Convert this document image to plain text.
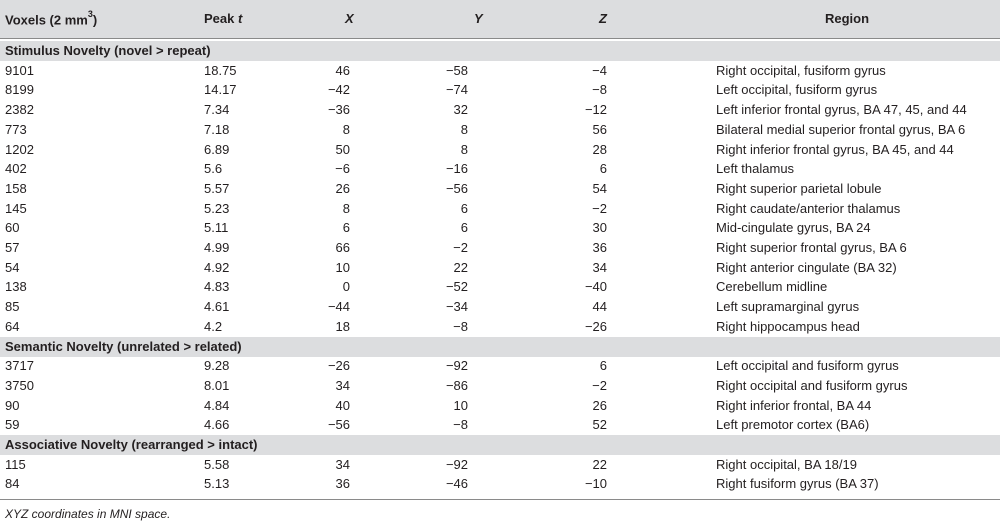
Voxels (2 $mm^3$)	Peak t	X	Y	Z	Region
Stimulus Novelty (novel > repeat)
9101	18.75	46	−58	−4	Right occipital, fusiform gyrus
8199	14.17	−42	−74	−8	Left occipital, fusiform gyrus
2382	7.34	−36	32	−12	Left inferior frontal gyrus, BA 47, 45, and 44
773	7.18	8	8	56	Bilateral medial superior frontal gyrus, BA 6
1202	6.89	50	8	28	Right inferior frontal gyrus, BA 45, and 44
402	5.6	−6	−16	6	Left thalamus
158	5.57	26	−56	54	Right superior parietal lobule
145	5.23	8	6	−2	Right caudate/anterior thalamus
60	5.11	6	6	30	Mid-cingulate gyrus, BA 24
57	4.99	66	−2	36	Right superior frontal gyrus, BA 6
54	4.92	10	22	34	Right anterior cingulate (BA 32)
138	4.83	0	−52	−40	Cerebellum midline
85	4.61	−44	−34	44	Left supramarginal gyrus
64	4.2	18	−8	−26	Right hippocampus head
Semantic Novelty (unrelated > related)
3717	9.28	−26	−92	6	Left occipital and fusiform gyrus
3750	8.01	34	−86	−2	Right occipital and fusiform gyrus
90	4.84	40	10	26	Right inferior frontal, BA 44
59	4.66	−56	−8	52	Left premotor cortex (BA6)
Associative Novelty (rearranged > intact)
115	5.58	34	−92	22	Right occipital, BA 18/19
84	5.13	36	−46	−10	Right fusiform gyrus (BA 37)
XYZ coordinates in MNI space.
